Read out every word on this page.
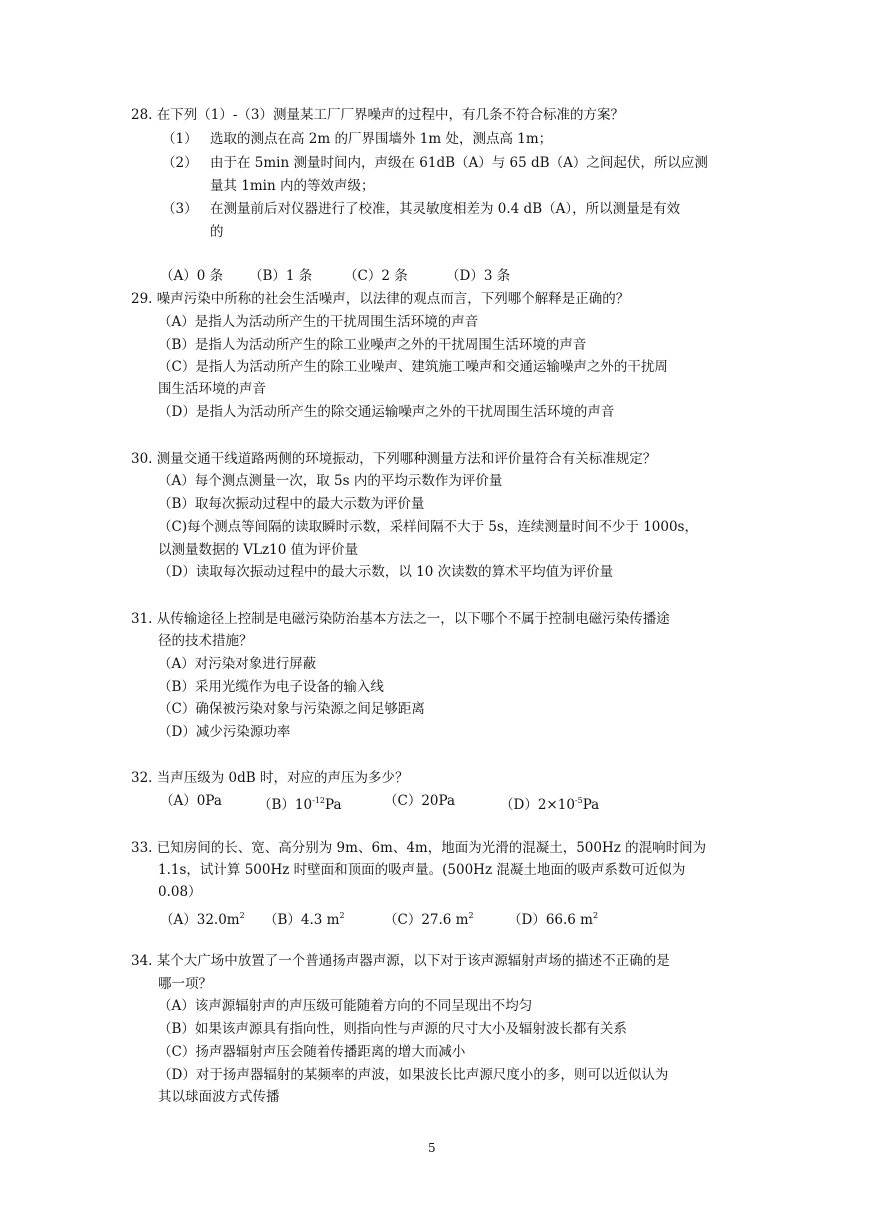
28. 在下列（1）-（3）测量某工厂厂界噪声的过程中，有几条不符合标准的方案？
（1） 选取的测点在高 2m 的厂界围墙外 1m 处，测点高 1m；
（2） 由于在 5min 测量时间内，声级在 61dB（A）与 65 dB（A）之间起伏，所以应测
量其 1min 内的等效声级；
（3） 在测量前后对仪器进行了校准，其灵敏度相差为 0.4 dB（A），所以测量是有效
的
（A）0 条 （B）1 条 （C）2 条	（D）3 条
29. 噪声污染中所称的社会生活噪声，以法律的观点而言，下列哪个解释是正确的？
（A）是指人为活动所产生的干扰周围生活环境的声音
（B）是指人为活动所产生的除工业噪声之外的干扰周围生活环境的声音
（C）是指人为活动所产生的除工业噪声、建筑施工噪声和交通运输噪声之外的干扰周
围生活环境的声音
（D）是指人为活动所产生的除交通运输噪声之外的干扰周围生活环境的声音
30. 测量交通干线道路两侧的环境振动，下列哪种测量方法和评价量符合有关标准规定？
（A）每个测点测量一次，取 5s 内的平均示数作为评价量
（B）取每次振动过程中的最大示数为评价量
（C)每个测点等间隔的读取瞬时示数，采样间隔不大于 5s，连续测量时间不少于 1000s，
以测量数据的 VLz10 值为评价量
（D）读取每次振动过程中的最大示数，以 10 次读数的算术平均值为评价量
31. 从传输途径上控制是电磁污染防治基本方法之一，以下哪个不属于控制电磁污染传播途
径的技术措施？
（A）对污染对象进行屏蔽
（B）采用光缆作为电子设备的输入线
（C）确保被污染对象与污染源之间足够距离
（D）减少污染源功率
32. 当声压级为 0dB 时，对应的声压为多少？
（A）0Pa	$(B)10^{-12}Pa$	（C）20Pa	$(D)2\times 10^{-5}Pa$
33. 已知房间的长、宽、高分别为 9m、6m、4m，地面为光滑的混凝土，500Hz 的混响时间为
1.1s，试计算 500Hz 时壁面和顶面的吸声量。(500Hz 混凝土地面的吸声系数可近似为
0.08）
$(A)32.0m^2$ （B）4.3 $m^2$	（C）27.6 $m^2$	（D）66.6 $m^2$
34. 某个大广场中放置了一个普通扬声器声源，以下对于该声源辐射声场的描述不正确的是
哪一项？
（A）该声源辐射声的声压级可能随着方向的不同呈现出不均匀
（B）如果该声源具有指向性，则指向性与声源的尺寸大小及辐射波长都有关系
（C）扬声器辐射声压会随着传播距离的增大而减小
（D）对于扬声器辐射的某频率的声波，如果波长比声源尺度小的多，则可以近似认为
其以球面波方式传播
5
